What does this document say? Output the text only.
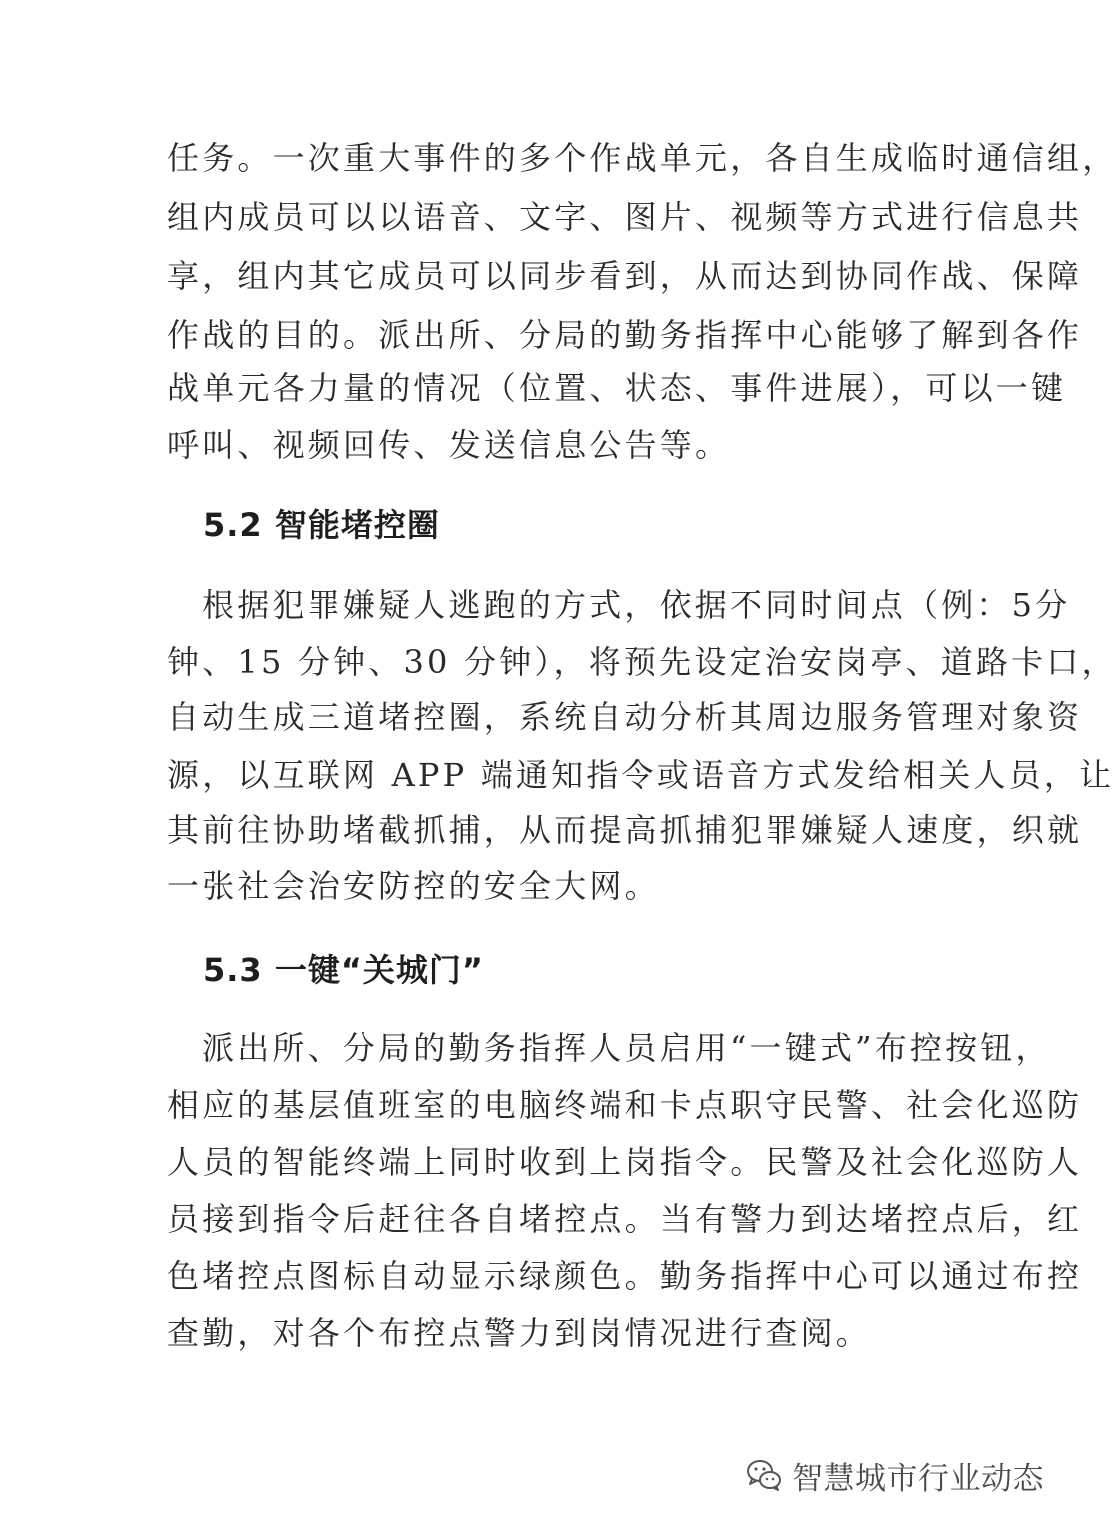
任务。一次重大事件的多个作战单元，各自生成临时通信组，
组内成员可以以语音、文字、图片、视频等方式进行信息共
享，组内其它成员可以同步看到，从而达到协同作战、保障
作战的目的。派出所、分局的勤务指挥中心能够了解到各作
战单元各力量的情况（位置、状态、事件进展），可以一键
呼叫、视频回传、发送信息公告等。
5.2 智能堵控圈
根据犯罪嫌疑人逃跑的方式，依据不同时间点（例：5分
钟、15 分钟、30 分钟），将预先设定治安岗亭、道路卡口，
自动生成三道堵控圈，系统自动分析其周边服务管理对象资
源，以互联网 APP 端通知指令或语音方式发给相关人员，让
其前往协助堵截抓捕，从而提高抓捕犯罪嫌疑人速度，织就
一张社会治安防控的安全大网。
5.3 一键“关城门”
派出所、分局的勤务指挥人员启用“一键式”布控按钮，
相应的基层值班室的电脑终端和卡点职守民警、社会化巡防
人员的智能终端上同时收到上岗指令。民警及社会化巡防人
员接到指令后赶往各自堵控点。当有警力到达堵控点后，红
色堵控点图标自动显示绿颜色。勤务指挥中心可以通过布控
查勤，对各个布控点警力到岗情况进行查阅。
智慧城市行业动态
